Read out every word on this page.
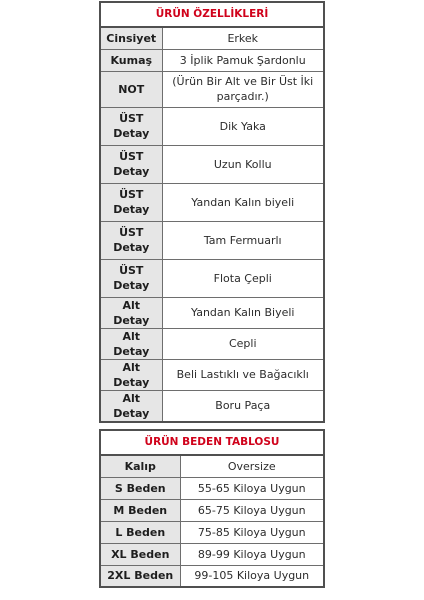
ÜRÜN ÖZELLİKLERİ	
Cinsiyet	Erkek
Kumaş	3 İplik Pamuk Şardonlu
NOT	(Ürün Bir Alt ve Bir Üst İki parçadır.)
ÜST Detay	Dik Yaka
ÜST Detay	Uzun Kollu
ÜST Detay	Yandan Kalın biyeli
ÜST Detay	Tam Fermuarlı
ÜST Detay	Flota Çepli
Alt Detay	Yandan Kalın Biyeli
Alt Detay	Cepli
Alt Detay	Beli Lastıklı ve Bağacıklı
Alt Detay	Boru Paça
ÜRÜN BEDEN TABLOSU	
Kalıp	Oversize
S Beden	55-65 Kiloya Uygun
M Beden	65-75 Kiloya Uygun
L Beden	75-85 Kiloya Uygun
XL Beden	89-99 Kiloya Uygun
2XL Beden	99-105 Kiloya Uygun
